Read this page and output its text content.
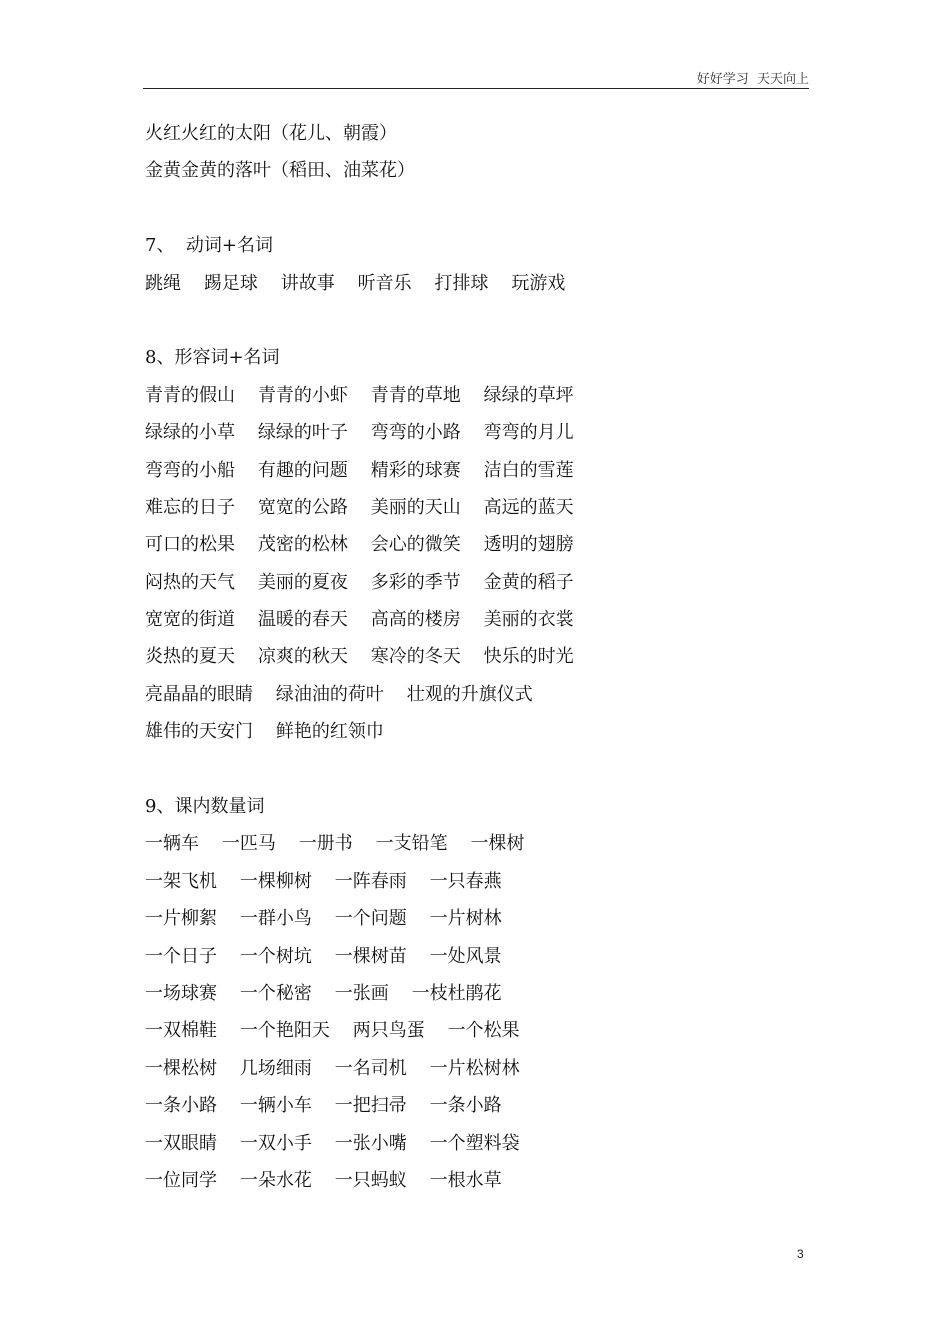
好好学习  天天向上
火红火红的太阳（花儿、朝霞）
金黄金黄的落叶（稻田、油菜花）
7、  动词+名词
跳绳    踢足球    讲故事    听音乐    打排球    玩游戏
8、形容词+名词
青青的假山    青青的小虾    青青的草地    绿绿的草坪
绿绿的小草    绿绿的叶子    弯弯的小路    弯弯的月儿
弯弯的小船    有趣的问题    精彩的球赛    洁白的雪莲
难忘的日子    宽宽的公路    美丽的天山    高远的蓝天
可口的松果    茂密的松林    会心的微笑    透明的翅膀
闷热的天气    美丽的夏夜    多彩的季节    金黄的稻子
宽宽的街道    温暖的春天    高高的楼房    美丽的衣裳
炎热的夏天    凉爽的秋天    寒冷的冬天    快乐的时光
亮晶晶的眼睛    绿油油的荷叶    壮观的升旗仪式
雄伟的天安门    鲜艳的红领巾
9、课内数量词
一辆车    一匹马    一册书    一支铅笔    一棵树
一架飞机    一棵柳树    一阵春雨    一只春燕
一片柳絮    一群小鸟    一个问题    一片树林
一个日子    一个树坑    一棵树苗    一处风景
一场球赛    一个秘密    一张画    一枝杜鹃花
一双棉鞋    一个艳阳天    两只鸟蛋    一个松果
一棵松树    几场细雨    一名司机    一片松树林
一条小路    一辆小车    一把扫帚    一条小路
一双眼睛    一双小手    一张小嘴    一个塑料袋
一位同学    一朵水花    一只蚂蚁    一根水草
3
